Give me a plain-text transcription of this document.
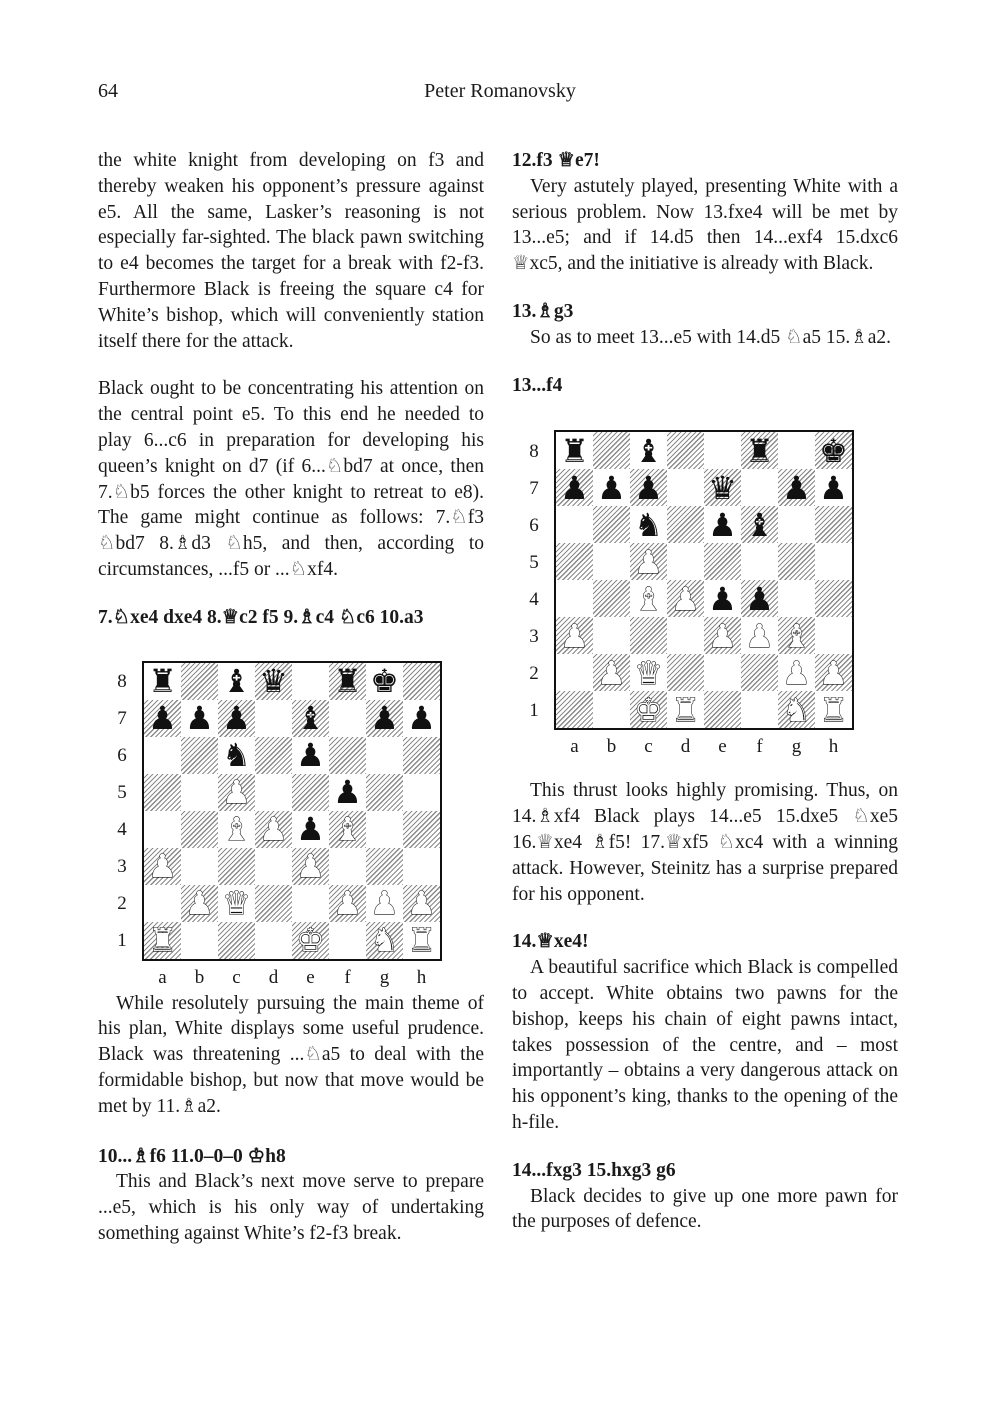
64	Peter Romanovsky

the white knight from developing on f3 and thereby weaken his opponent’s pressure against e5. All the same, Lasker’s reasoning is not especially far-sighted. The black pawn switching to e4 becomes the target for a break with f2-f3. Furthermore Black is freeing the square c4 for White’s bishop, which will conveniently station itself there for the attack.

Black ought to be concentrating his attention on the central point e5. To this end he needed to play 6...c6 in preparation for developing his queen’s knight on d7 (if 6...♘bd7 at once, then 7.♘b5 forces the other knight to retreat to e8). The game might continue as follows: 7.♘f3 ♘bd7 8.♗d3 ♘h5, and then, according to circumstances, ...f5 or ...♘xf4.

7.♘xe4 dxe4 8.♕c2 f5 9.♗c4 ♘c6 10.a3

♜ ♝ ♛ ♜ ♚
♟ ♟ ♟ ♝ ♟ ♟
♞ ♟
♟	♟
♝ ♟ ♟ ♝
♟	♟
♟ ♛	♟ ♟ ♟
♜	♚ ♞ ♜
8
7
6
5
4
3
2
1
a	b	c	d	e	f	g	h

While resolutely pursuing the main theme of his plan, White displays some useful prudence. Black was threatening ...♘a5 to deal with the formidable bishop, but now that move would be met by 11.♗a2.

10...♗f6 11.0–0–0 ♔h8

This and Black’s next move serve to prepare ...e5, which is his only way of undertaking something against White’s f2-f3 break.

12.f3 ♕e7!

Very astutely played, presenting White with a serious problem. Now 13.fxe4 will be met by 13...e5; and if 14.d5 then 14...exf4 15.dxc6 ♕xc5, and the initiative is already with Black.

13.♗g3

So as to meet 13...e5 with 14.d5 ♘a5 15.♗a2.

13...f4

♜ ♝	♜ ♚
♟ ♟ ♟ ♛ ♟ ♟
♞ ♟ ♝
♟
♝ ♟ ♟ ♟
♟	♟ ♟ ♝
♟ ♛	♟ ♟
♚ ♜	♞ ♜
8
7
6
5
4
3
2
1
a	b	c	d	e	f	g	h

This thrust looks highly promising. Thus, on 14.♗xf4 Black plays 14...e5 15.dxe5 ♘xe5 16.♕xe4 ♗f5! 17.♕xf5 ♘xc4 with a winning attack. However, Steinitz has a surprise prepared for his opponent.

14.♕xe4!

A beautiful sacrifice which Black is compelled to accept. White obtains two pawns for the bishop, keeps his chain of eight pawns intact, takes possession of the centre, and – most importantly – obtains a very dangerous attack on his opponent’s king, thanks to the opening of the h-file.

14...fxg3 15.hxg3 g6

Black decides to give up one more pawn for the purposes of defence.
